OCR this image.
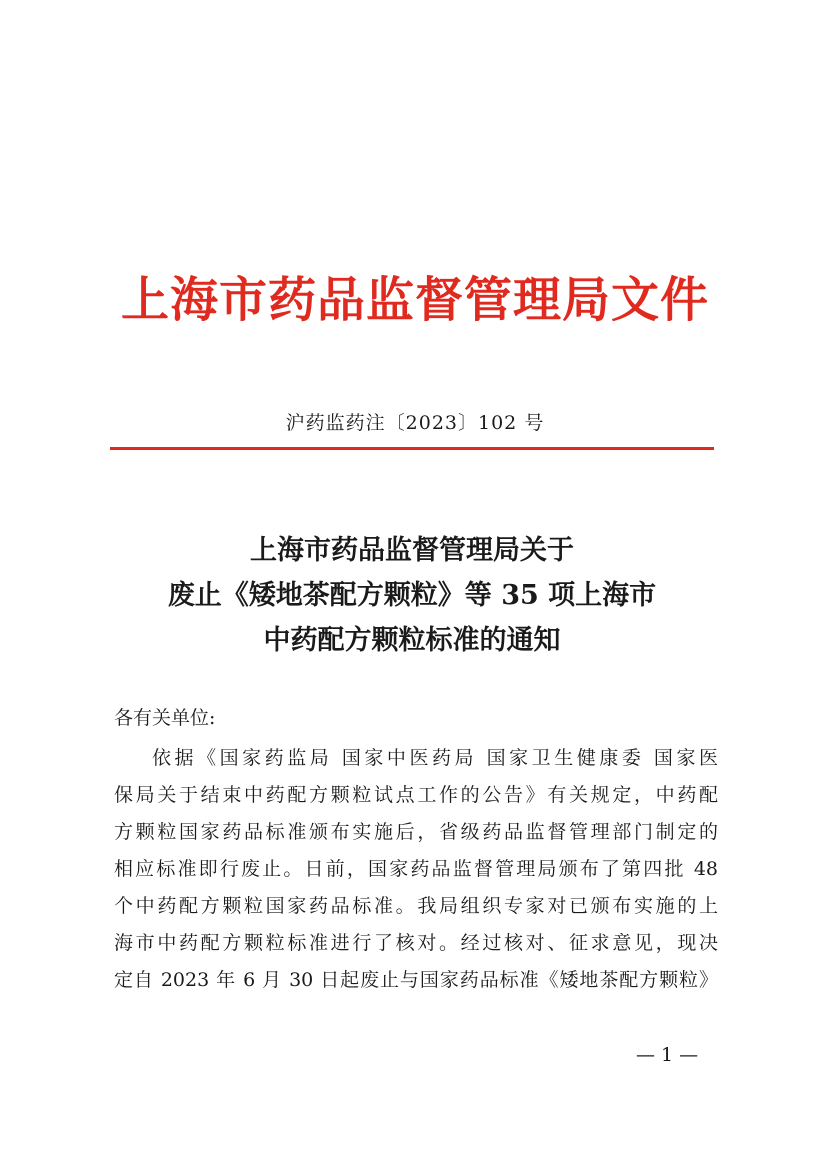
上海市药品监督管理局文件
沪药监药注〔2023〕102 号
上海市药品监督管理局关于
废止《矮地茶配方颗粒》等 35 项上海市
中药配方颗粒标准的通知
各有关单位:
依据《国家药监局 国家中医药局 国家卫生健康委 国家医
保局关于结束中药配方颗粒试点工作的公告》有关规定，中药配
方颗粒国家药品标准颁布实施后，省级药品监督管理部门制定的
相应标准即行废止。日前，国家药品监督管理局颁布了第四批 48
个中药配方颗粒国家药品标准。我局组织专家对已颁布实施的上
海市中药配方颗粒标准进行了核对。经过核对、征求意见，现决
定自 2023 年 6 月 30 日起废止与国家药品标准《矮地茶配方颗粒》
— 1 —
